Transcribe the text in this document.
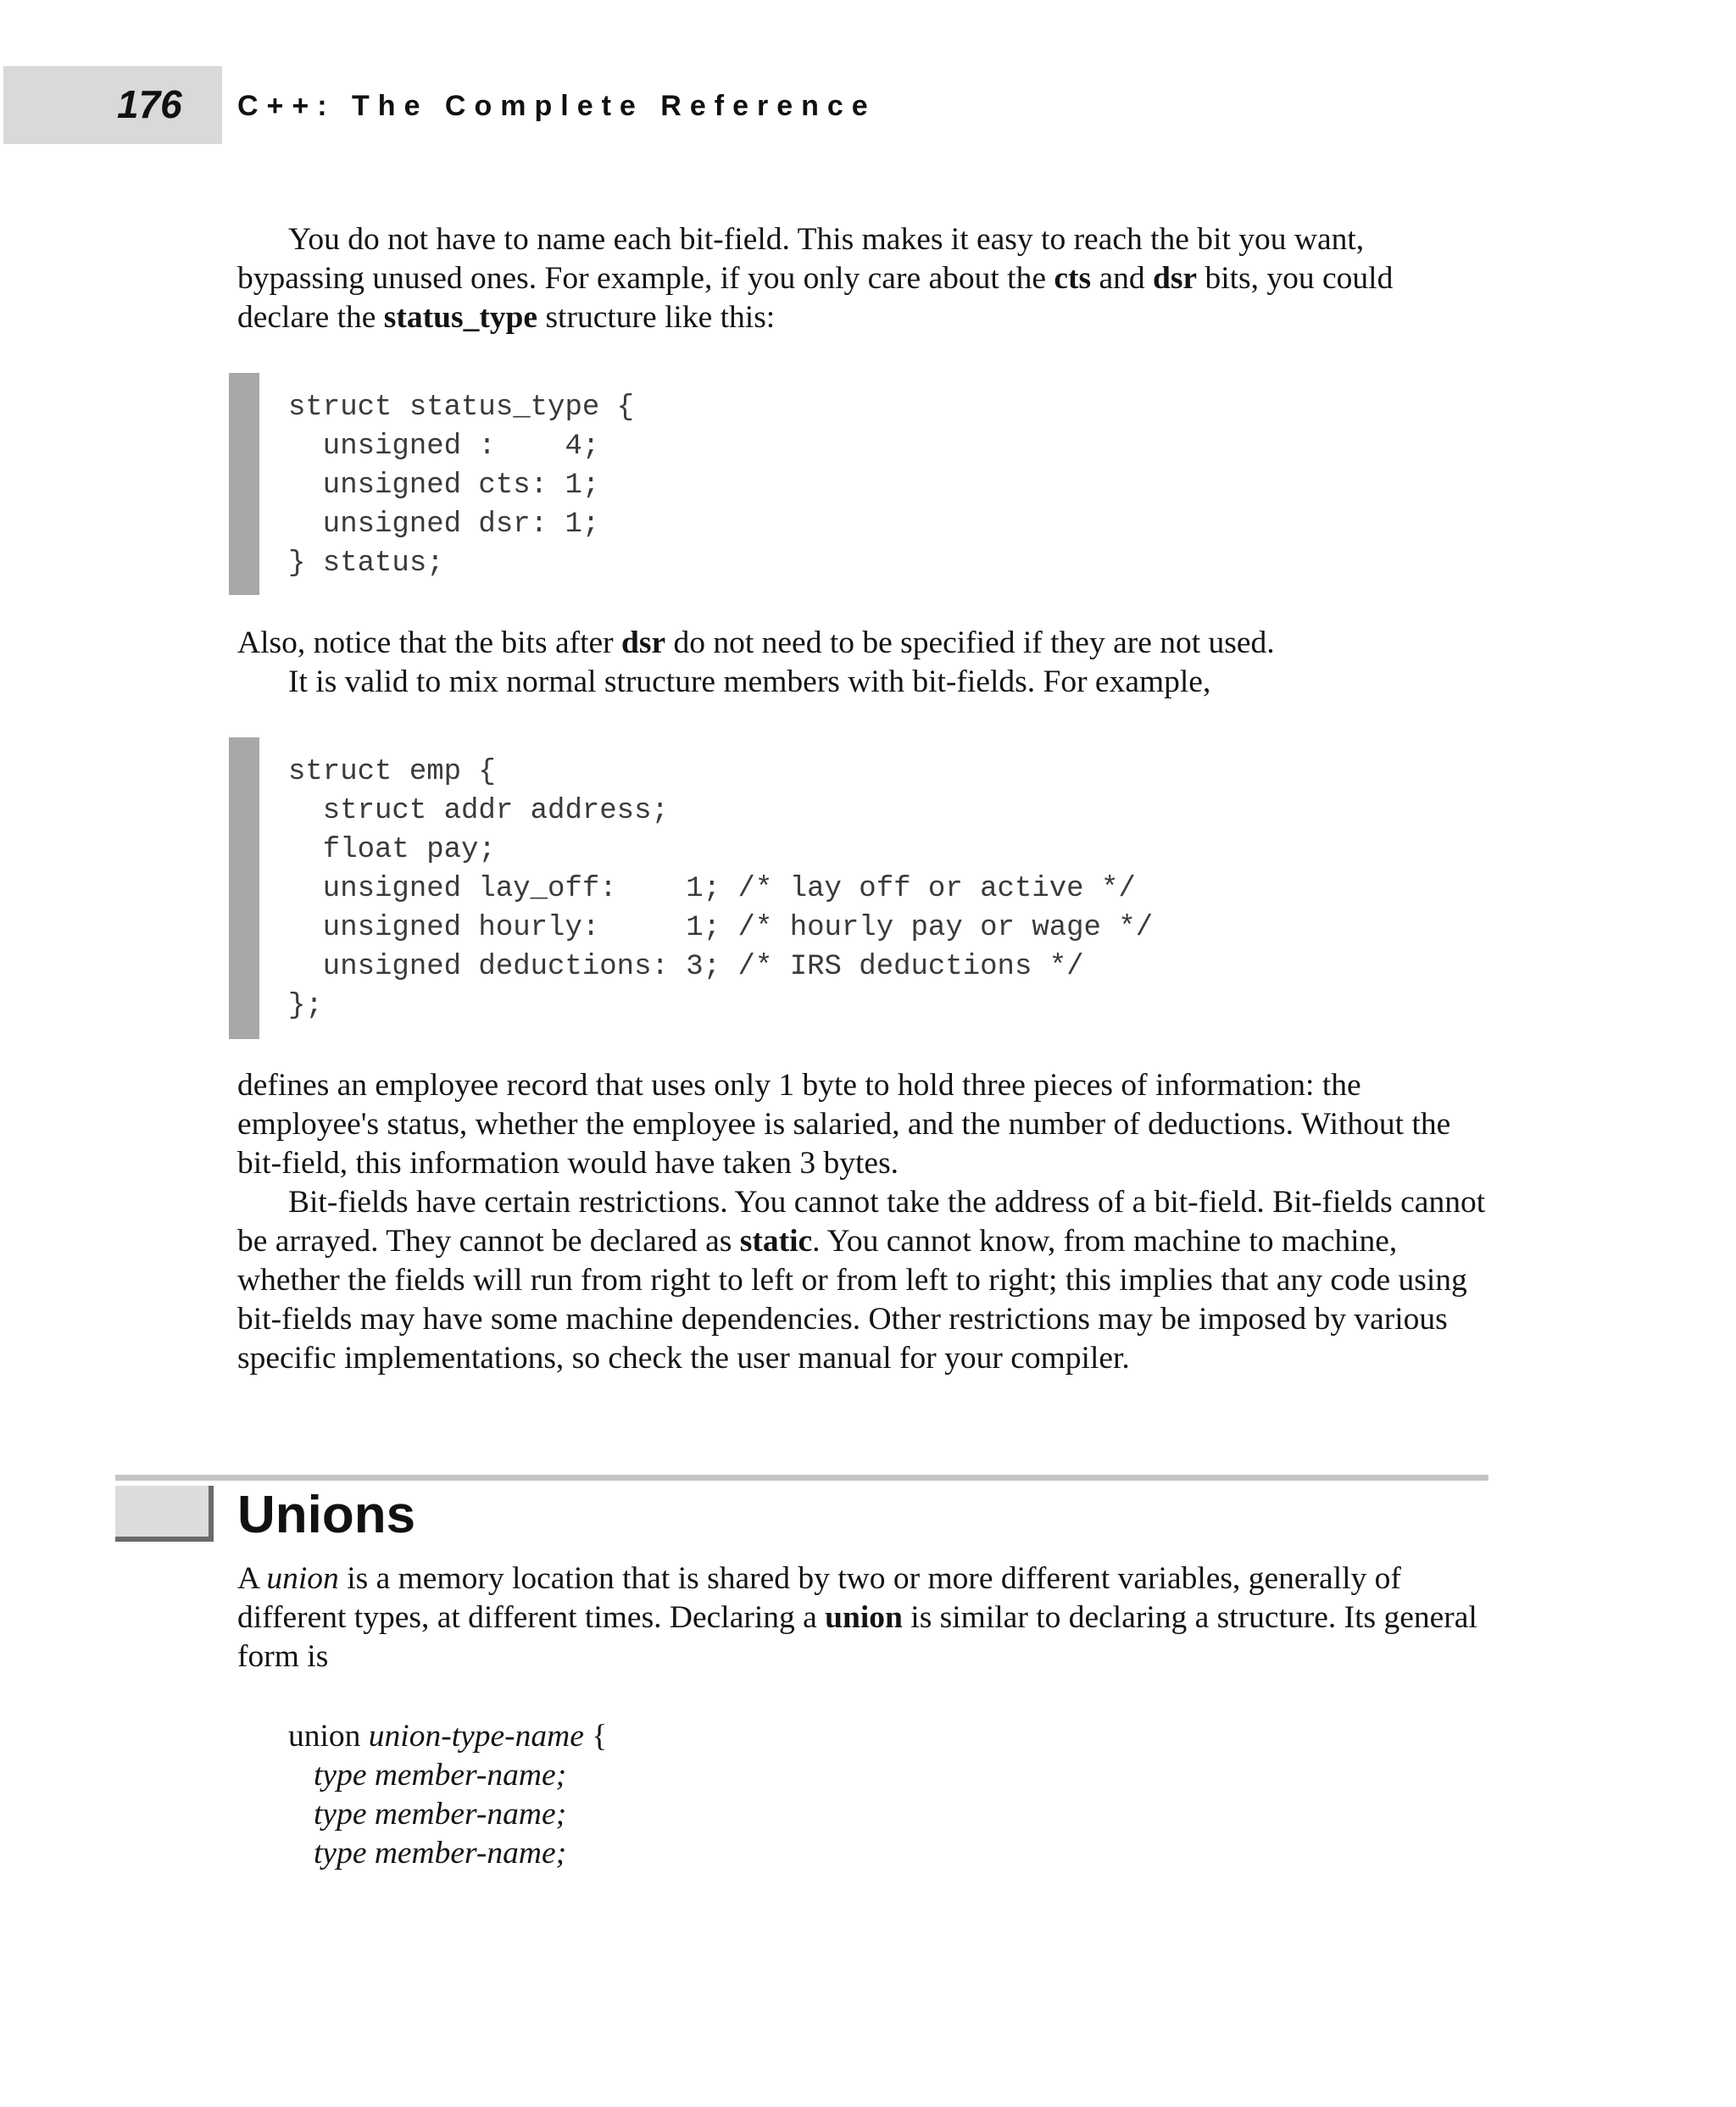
176 C++: The Complete Reference

You do not have to name each bit-field. This makes it easy to reach the bit you want, bypassing unused ones. For example, if you only care about the cts and dsr bits, you could declare the status_type structure like this:

struct status_type {
unsigned :    4;
unsigned cts: 1;
unsigned dsr: 1;
} status;

Also, notice that the bits after dsr do not need to be specified if they are not used.

It is valid to mix normal structure members with bit-fields. For example,

struct emp {
struct addr address;
float pay;
unsigned lay_off:    1; /* lay off or active */
unsigned hourly:     1; /* hourly pay or wage */
unsigned deductions: 3; /* IRS deductions */
};

defines an employee record that uses only 1 byte to hold three pieces of information: the employee's status, whether the employee is salaried, and the number of deductions. Without the bit-field, this information would have taken 3 bytes.

Bit-fields have certain restrictions. You cannot take the address of a bit-field. Bit-fields cannot be arrayed. They cannot be declared as static. You cannot know, from machine to machine, whether the fields will run from right to left or from left to right; this implies that any code using bit-fields may have some machine dependencies. Other restrictions may be imposed by various specific implementations, so check the user manual for your compiler.

Unions

A union is a memory location that is shared by two or more different variables, generally of different types, at different times. Declaring a union is similar to declaring a structure. Its general form is

union union-type-name {
type member-name;
type member-name;
type member-name;
